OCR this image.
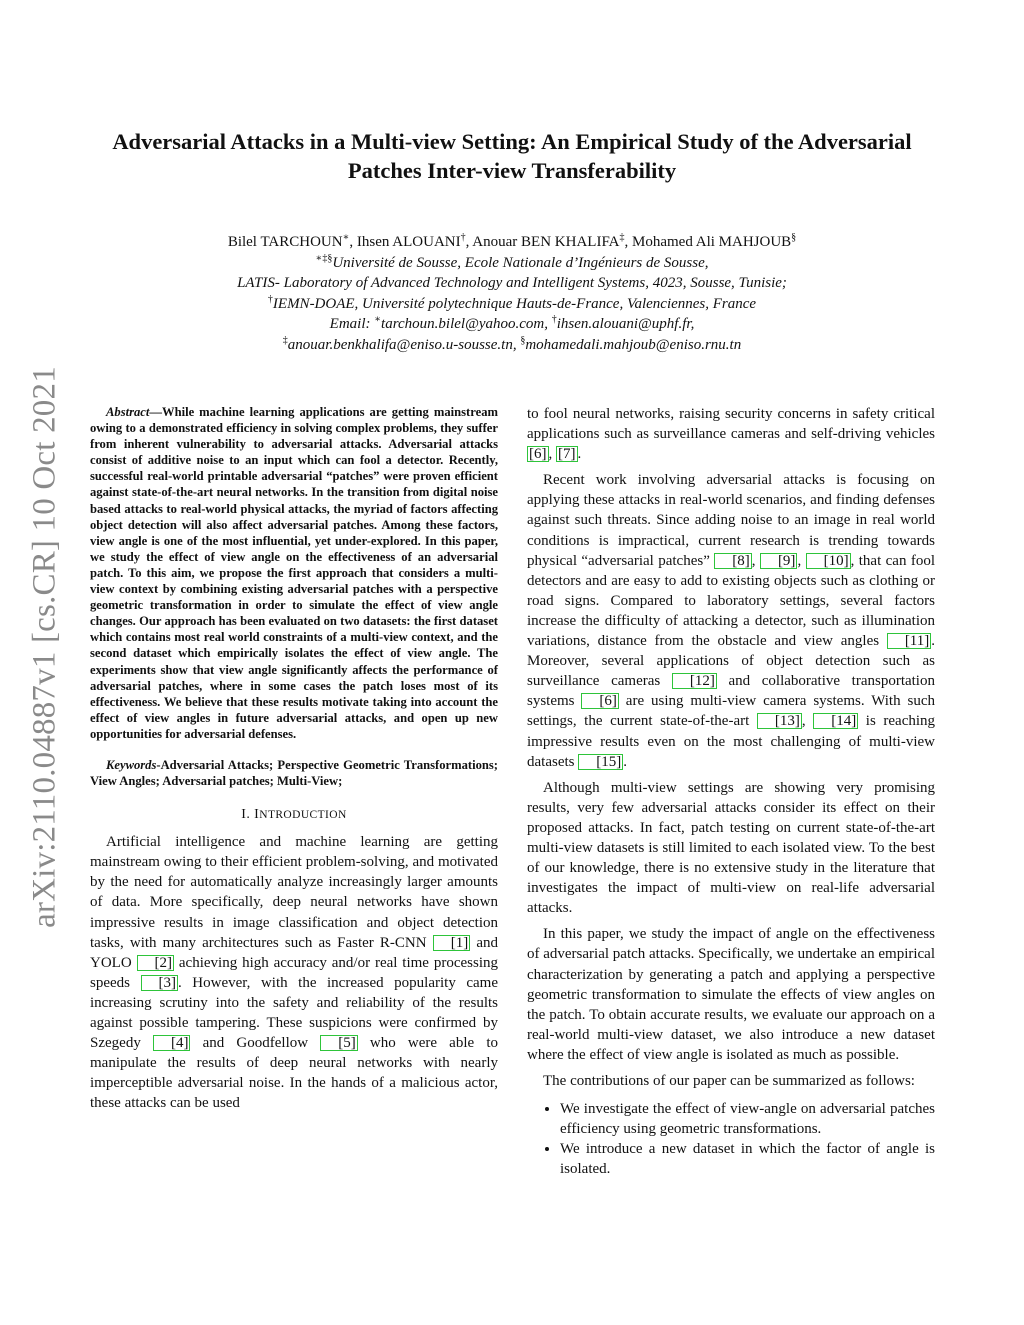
arXiv:2110.04887v1 [cs.CR] 10 Oct 2021
Adversarial Attacks in a Multi-view Setting: An Empirical Study of the Adversarial
Patches Inter-view Transferability
Bilel TARCHOUN∗, Ihsen ALOUANI†, Anouar BEN KHALIFA‡, Mohamed Ali MAHJOUB§
∗‡§Université de Sousse, Ecole Nationale d’Ingénieurs de Sousse,
LATIS- Laboratory of Advanced Technology and Intelligent Systems, 4023, Sousse, Tunisie;
†IEMN-DOAE, Université polytechnique Hauts-de-France, Valenciennes, France
Email: ∗tarchoun.bilel@yahoo.com, †ihsen.alouani@uphf.fr,
‡anouar.benkhalifa@eniso.u-sousse.tn, §mohamedali.mahjoub@eniso.rnu.tn

Abstract—While machine learning applications are getting mainstream owing to a demonstrated efficiency in solving complex problems, they suffer from inherent vulnerability to adversarial attacks. Adversarial attacks consist of additive noise to an input which can fool a detector. Recently, successful real-world printable adversarial “patches” were proven efficient against state-of-the-art neural networks. In the transition from digital noise based attacks to real-world physical attacks, the myriad of factors affecting object detection will also affect adversarial patches. Among these factors, view angle is one of the most influential, yet under-explored. In this paper, we study the effect of view angle on the effectiveness of an adversarial patch. To this aim, we propose the first approach that considers a multi-view context by combining existing adversarial patches with a perspective geometric transformation in order to simulate the effect of view angle changes. Our approach has been evaluated on two datasets: the first dataset which contains most real world constraints of a multi-view context, and the second dataset which empirically isolates the effect of view angle. The experiments show that view angle significantly affects the performance of adversarial patches, where in some cases the patch loses most of its effectiveness. We believe that these results motivate taking into account the effect of view angles in future adversarial attacks, and open up new opportunities for adversarial defenses.

Keywords-Adversarial Attacks; Perspective Geometric Transformations; View Angles; Adversarial patches; Multi-View;

I. INTRODUCTION

Artificial intelligence and machine learning are getting mainstream owing to their efficient problem-solving, and motivated by the need for automatically analyze increasingly larger amounts of data. More specifically, deep neural networks have shown impressive results in image classification and object detection tasks, with many architectures such as Faster R-CNN [1] and YOLO [2] achieving high accuracy and/or real time processing speeds [3] . However, with the increased popularity came increasing scrutiny into the safety and reliability of the results against possible tampering. These suspicions were confirmed by Szegedy [4] and Goodfellow [5] who were able to manipulate the results of deep neural networks with nearly imperceptible adversarial noise. In the hands of a malicious actor, these attacks can be used

to fool neural networks, raising security concerns in safety critical applications such as surveillance cameras and self-driving vehicles [6] , [7] .

Recent work involving adversarial attacks is focusing on applying these attacks in real-world scenarios, and finding defenses against such threats. Since adding noise to an image in real world conditions is impractical, current research is trending towards physical “adversarial patches” [8] , [9] , [10] , that can fool detectors and are easy to add to existing objects such as clothing or road signs. Compared to laboratory settings, several factors increase the difficulty of attacking a detector, such as illumination variations, distance from the obstacle and view angles [11] . Moreover, several applications of object detection such as surveillance cameras [12] and collaborative transportation systems [6] are using multi-view camera systems. With such settings, the current state-of-the-art [13] , [14] is reaching impressive results even on the most challenging of multi-view datasets [15] .

Although multi-view settings are showing very promising results, very few adversarial attacks consider its effect on their proposed attacks. In fact, patch testing on current state-of-the-art multi-view datasets is still limited to each isolated view. To the best of our knowledge, there is no extensive study in the literature that investigates the impact of multi-view on real-life adversarial attacks.

In this paper, we study the impact of angle on the effectiveness of adversarial patch attacks. Specifically, we undertake an empirical characterization by generating a patch and applying a perspective geometric transformation to simulate the effects of view angles on the patch. To obtain accurate results, we evaluate our approach on a real-world multi-view dataset, we also introduce a new dataset where the effect of view angle is isolated as much as possible.

The contributions of our paper can be summarized as follows:

• We investigate the effect of view-angle on adversarial patches efficiency using geometric transformations.
• We introduce a new dataset in which the factor of angle is isolated.
